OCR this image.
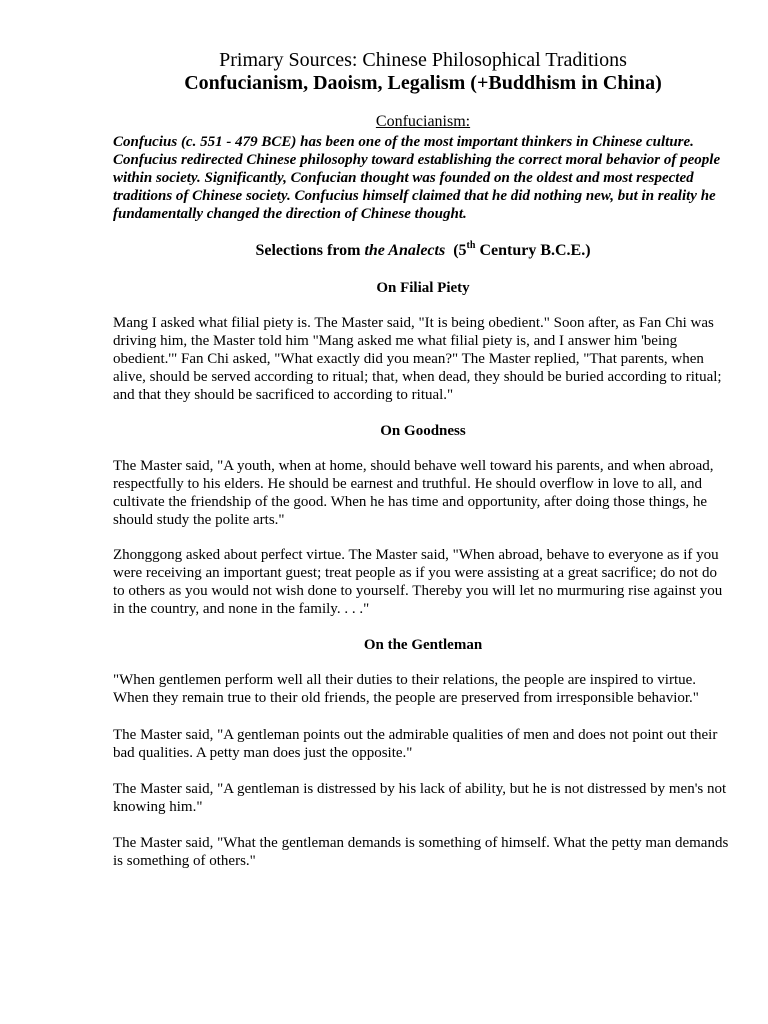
Primary Sources: Chinese Philosophical Traditions
Confucianism, Daoism, Legalism (+Buddhism in China)
Confucianism:
Confucius (c. 551 - 479 BCE) has been one of the most important thinkers in Chinese culture.
Confucius redirected Chinese philosophy toward establishing the correct moral behavior of people
within society. Significantly, Confucian thought was founded on the oldest and most respected
traditions of Chinese society. Confucius himself claimed that he did nothing new, but in reality he
fundamentally changed the direction of Chinese thought.
Selections from the Analects (5th Century B.C.E.)
On Filial Piety
Mang I asked what filial piety is. The Master said, "It is being obedient." Soon after, as Fan Chi was
driving him, the Master told him "Mang asked me what filial piety is, and I answer him 'being
obedient.'" Fan Chi asked, "What exactly did you mean?" The Master replied, "That parents, when
alive, should be served according to ritual; that, when dead, they should be buried according to ritual;
and that they should be sacrificed to according to ritual."
On Goodness
The Master said, "A youth, when at home, should behave well toward his parents, and when abroad,
respectfully to his elders. He should be earnest and truthful. He should overflow in love to all, and
cultivate the friendship of the good. When he has time and opportunity, after doing those things, he
should study the polite arts."
Zhonggong asked about perfect virtue. The Master said, "When abroad, behave to everyone as if you
were receiving an important guest; treat people as if you were assisting at a great sacrifice; do not do
to others as you would not wish done to yourself. Thereby you will let no murmuring rise against you
in the country, and none in the family. . . ."
On the Gentleman
"When gentlemen perform well all their duties to their relations, the people are inspired to virtue.
When they remain true to their old friends, the people are preserved from irresponsible behavior."
The Master said, "A gentleman points out the admirable qualities of men and does not point out their
bad qualities. A petty man does just the opposite."
The Master said, "A gentleman is distressed by his lack of ability, but he is not distressed by men's not
knowing him."
The Master said, "What the gentleman demands is something of himself. What the petty man demands
is something of others."
